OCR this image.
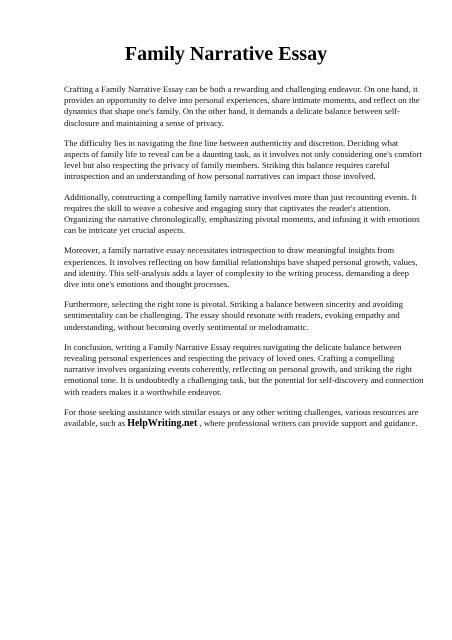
Family Narrative Essay

Crafting a Family Narrative Essay can be both a rewarding and challenging endeavor. On one hand, it provides an opportunity to delve into personal experiences, share intimate moments, and reflect on the dynamics that shape one's family. On the other hand, it demands a delicate balance between self-disclosure and maintaining a sense of privacy.

The difficulty lies in navigating the fine line between authenticity and discretion. Deciding what aspects of family life to reveal can be a daunting task, as it involves not only considering one's comfort level but also respecting the privacy of family members. Striking this balance requires careful introspection and an understanding of how personal narratives can impact those involved.

Additionally, constructing a compelling family narrative involves more than just recounting events. It requires the skill to weave a cohesive and engaging story that captivates the reader's attention. Organizing the narrative chronologically, emphasizing pivotal moments, and infusing it with emotions can be intricate yet crucial aspects.

Moreover, a family narrative essay necessitates introspection to draw meaningful insights from experiences. It involves reflecting on how familial relationships have shaped personal growth, values, and identity. This self-analysis adds a layer of complexity to the writing process, demanding a deep dive into one's emotions and thought processes.

Furthermore, selecting the right tone is pivotal. Striking a balance between sincerity and avoiding sentimentality can be challenging. The essay should resonate with readers, evoking empathy and understanding, without becoming overly sentimental or melodramatic.

In conclusion, writing a Family Narrative Essay requires navigating the delicate balance between revealing personal experiences and respecting the privacy of loved ones. Crafting a compelling narrative involves organizing events coherently, reflecting on personal growth, and striking the right emotional tone. It is undoubtedly a challenging task, but the potential for self-discovery and connection with readers makes it a worthwhile endeavor.

For those seeking assistance with similar essays or any other writing challenges, various resources are available, such as HelpWriting.net , where professional writers can provide support and guidance.
